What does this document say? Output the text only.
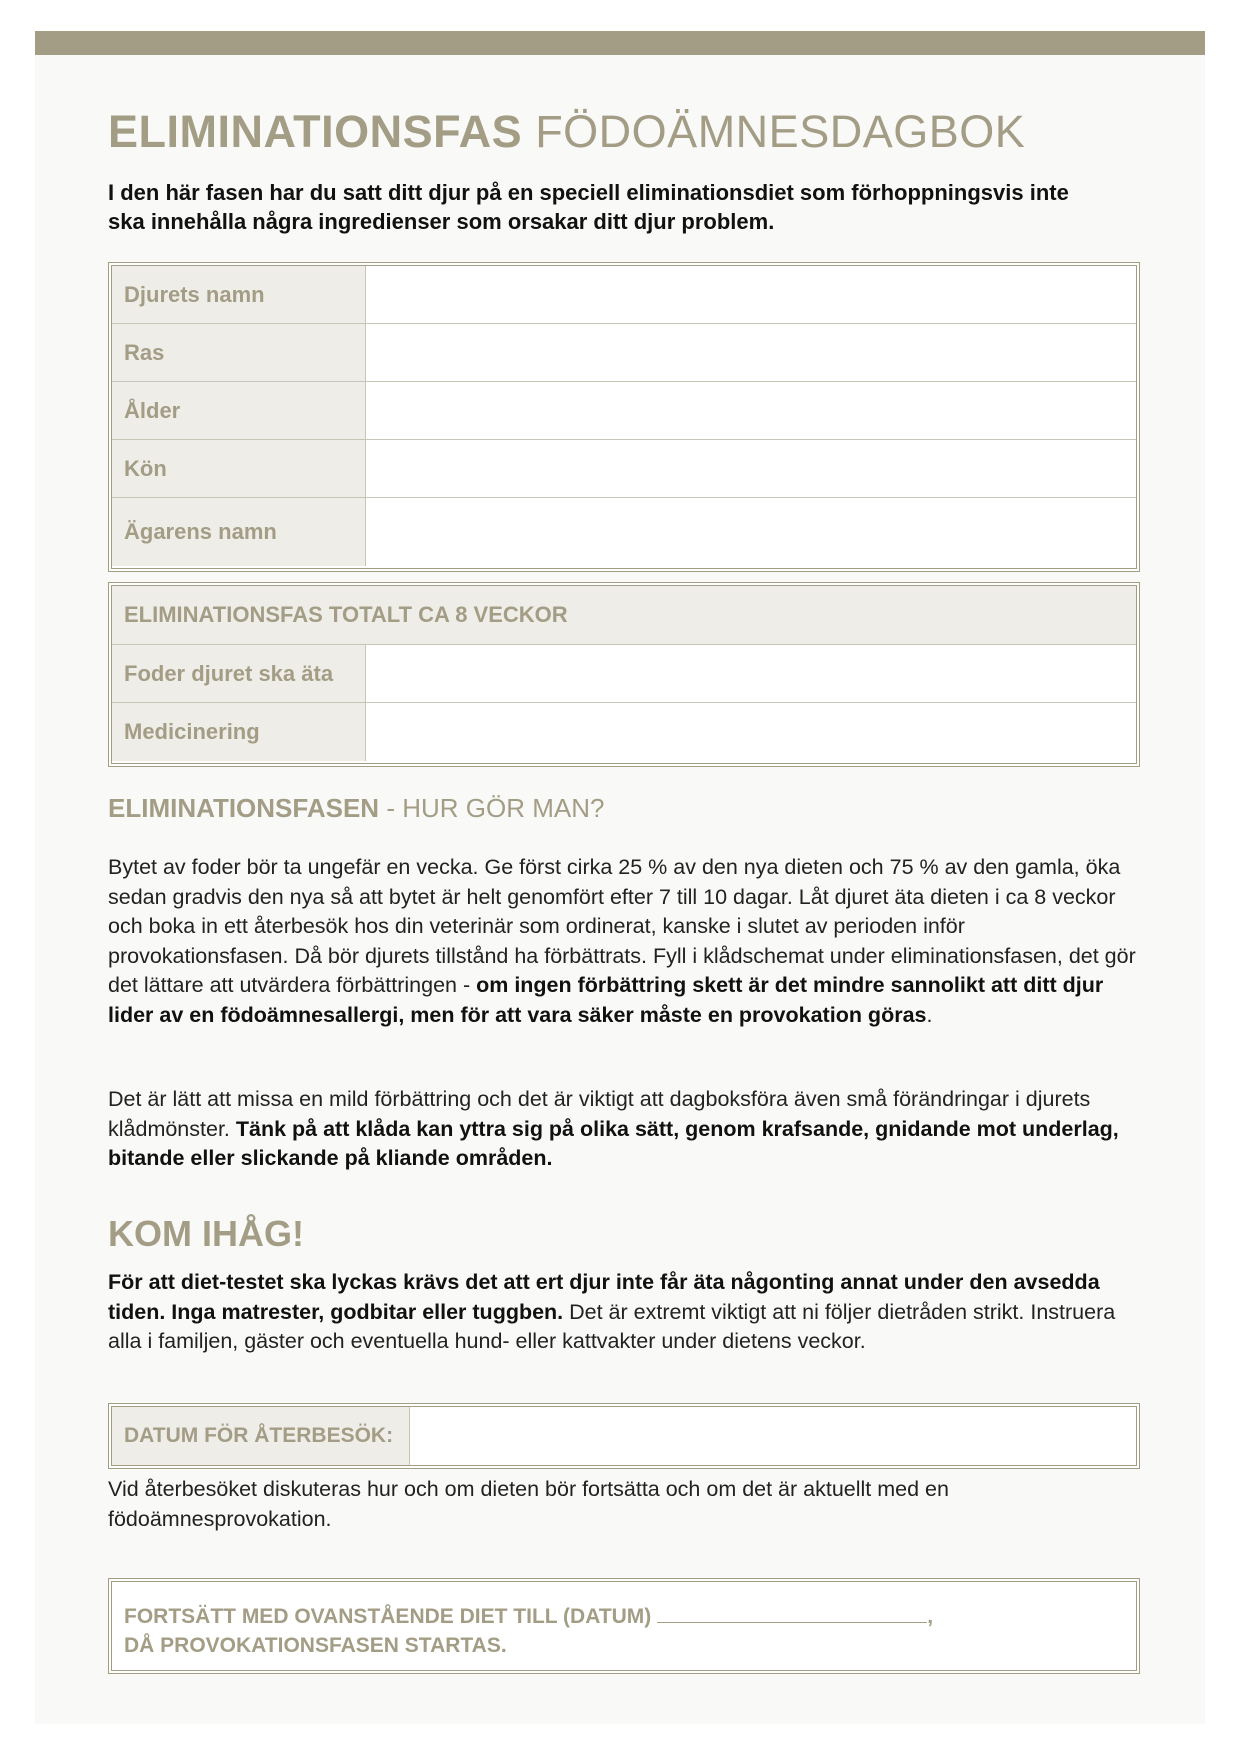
ELIMINATIONSFAS FÖDOÄMNESDAGBOK
I den här fasen har du satt ditt djur på en speciell eliminationsdiet som förhoppningsvis inte ska innehålla några ingredienser som orsakar ditt djur problem.
Djurets namn
Ras
Ålder
Kön
Ägarens namn
ELIMINATIONSFAS TOTALT CA 8 VECKOR
Foder djuret ska äta
Medicinering
ELIMINATIONSFASEN - HUR GÖR MAN?
Bytet av foder bör ta ungefär en vecka. Ge först cirka 25 % av den nya dieten och 75 % av den gamla, öka sedan gradvis den nya så att bytet är helt genomfört efter 7 till 10 dagar. Låt djuret äta dieten i ca 8 veckor och boka in ett återbesök hos din veterinär som ordinerat, kanske i slutet av perioden inför provokationsfasen. Då bör djurets tillstånd ha förbättrats. Fyll i klådschemat under eliminationsfasen, det gör det lättare att utvärdera förbättringen - om ingen förbättring skett är det mindre sannolikt att ditt djur lider av en födoämnesallergi, men för att vara säker måste en provokation göras.
Det är lätt att missa en mild förbättring och det är viktigt att dagboksföra även små förändringar i djurets klådmönster. Tänk på att klåda kan yttra sig på olika sätt, genom krafsande, gnidande mot underlag, bitande eller slickande på kliande områden.
KOM IHÅG!
För att diet-testet ska lyckas krävs det att ert djur inte får äta någonting annat under den avsedda tiden. Inga matrester, godbitar eller tuggben. Det är extremt viktigt att ni följer dietråden strikt. Instruera alla i familjen, gäster och eventuella hund- eller kattvakter under dietens veckor.
DATUM FÖR ÅTERBESÖK:
Vid återbesöket diskuteras hur och om dieten bör fortsätta och om det är aktuellt med en födoämnesprovokation.
FORTSÄTT MED OVANSTÅENDE DIET TILL (DATUM)	,
DÅ PROVOKATIONSFASEN STARTAS.
